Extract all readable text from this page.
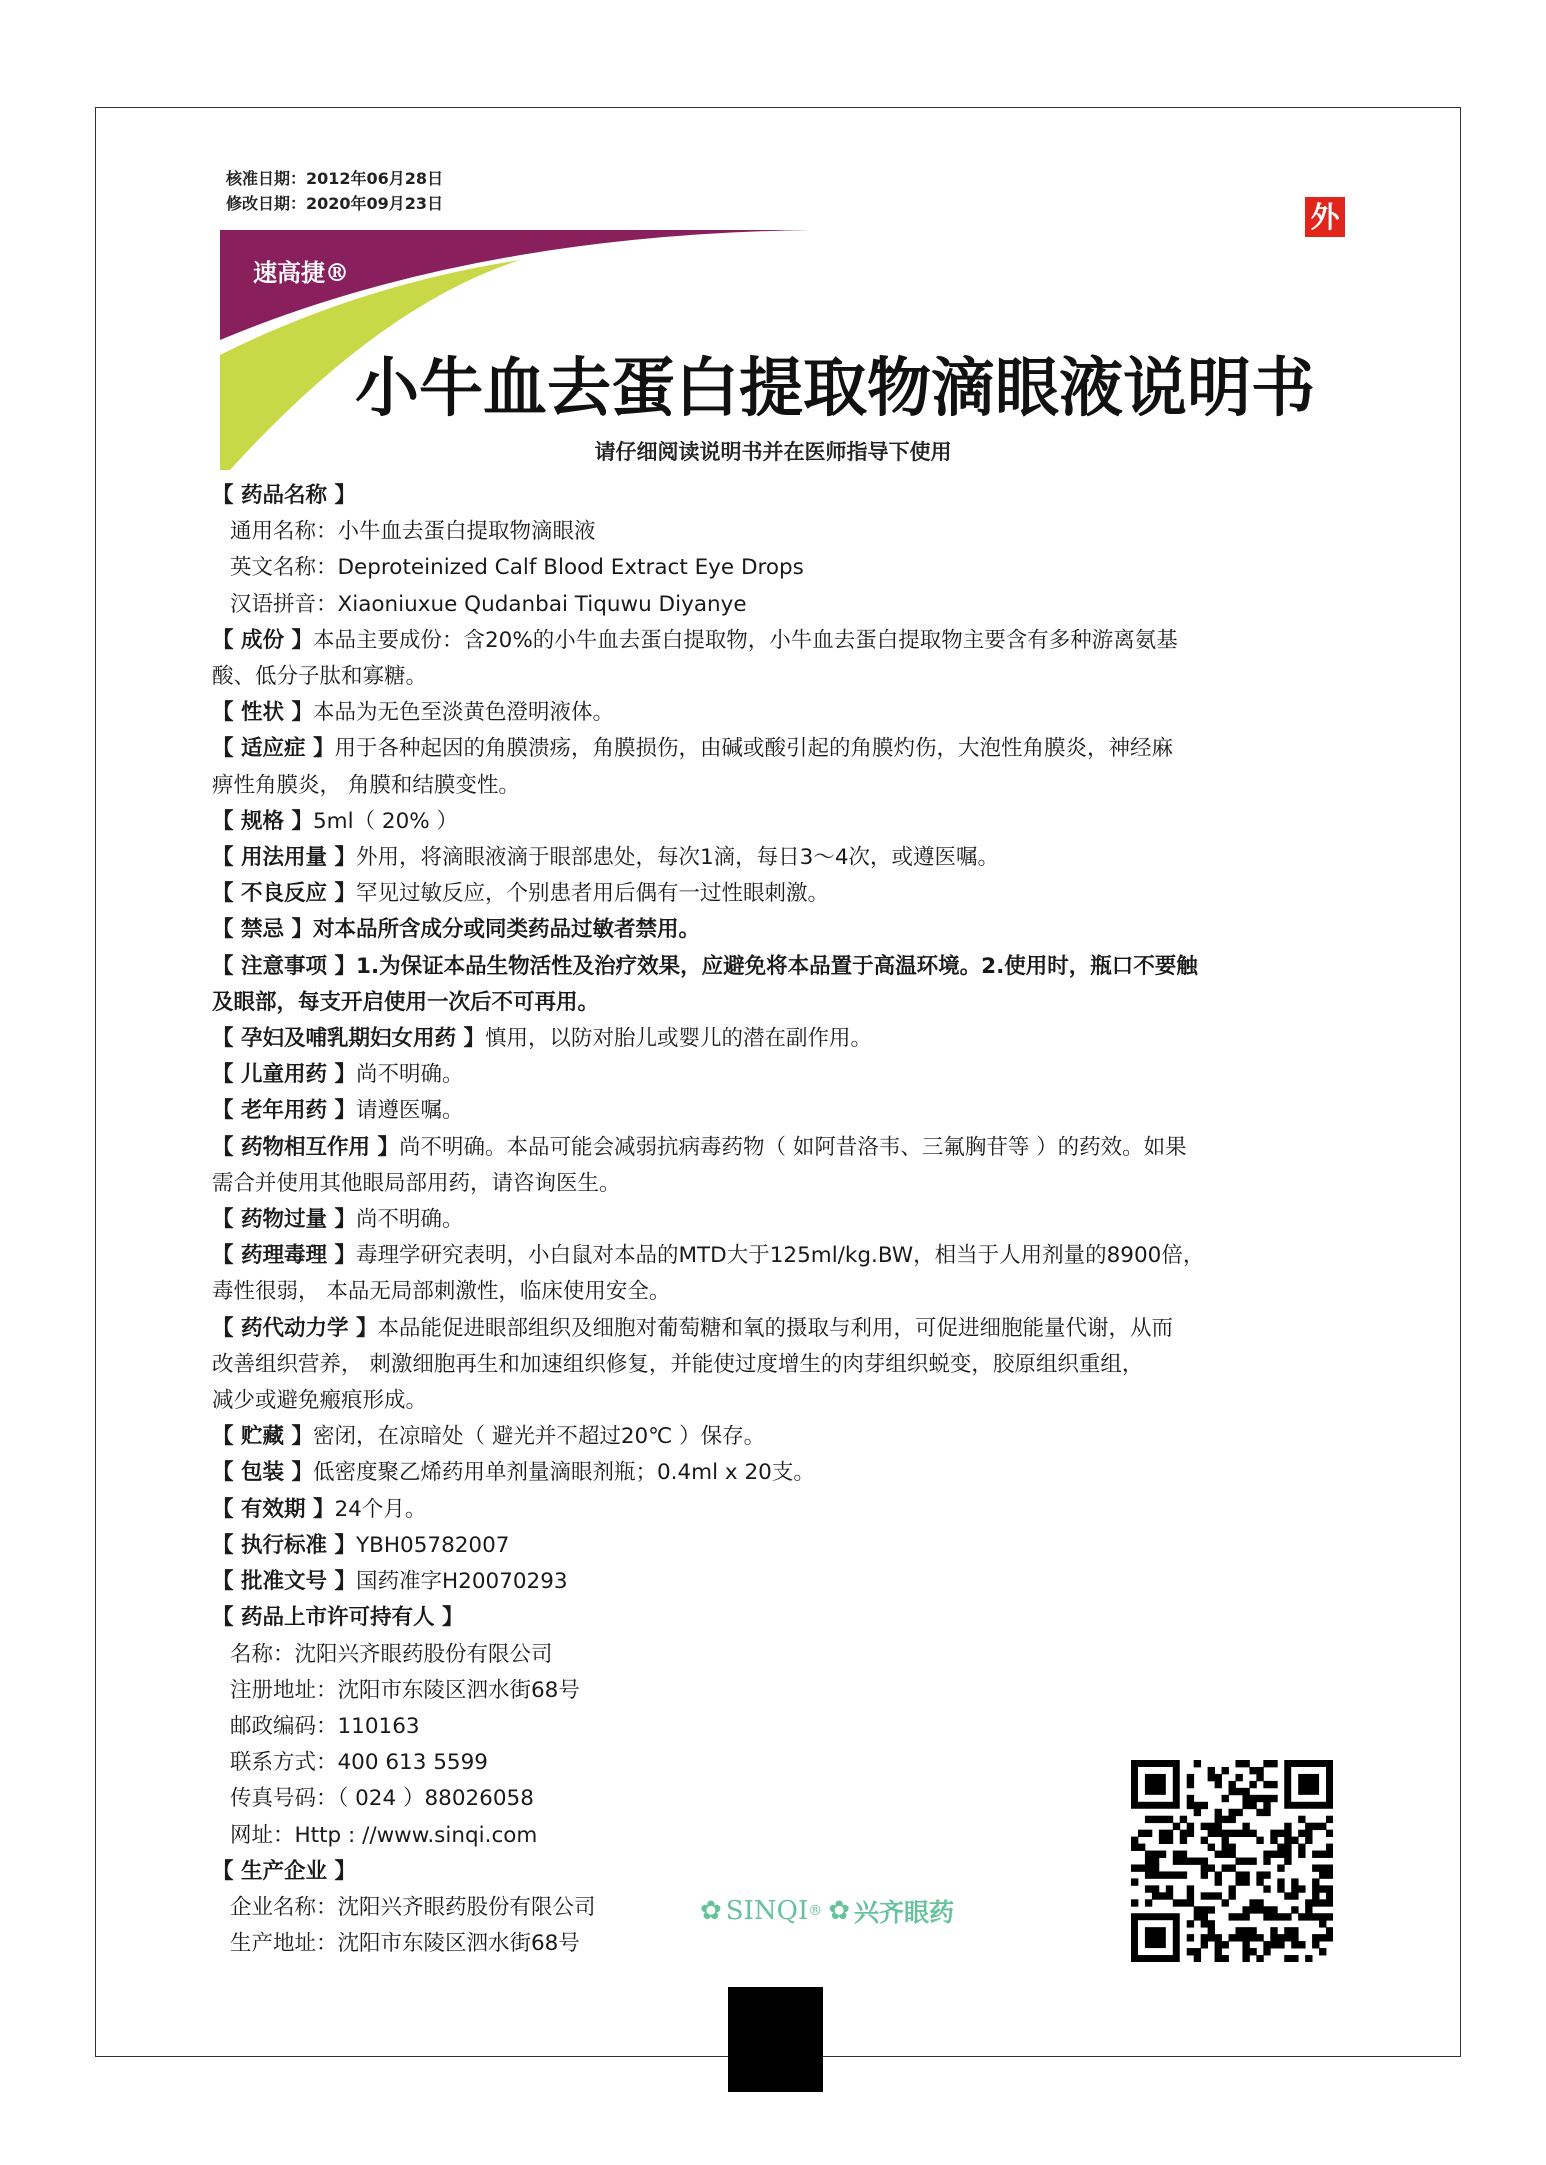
核准日期：2012年06月28日
修改日期：2020年09月23日	外
速高捷®
小牛血去蛋白提取物滴眼液说明书
请仔细阅读说明书并在医师指导下使用

【 药品名称 】

通用名称：小牛血去蛋白提取物滴眼液

英文名称：Deproteinized Calf Blood Extract Eye Drops

汉语拼音：Xiaoniuxue Qudanbai Tiquwu Diyanye

【 成份 】本品主要成份：含20%的小牛血去蛋白提取物，小牛血去蛋白提取物主要含有多种游离氨基

酸、低分子肽和寡糖。

【 性状 】本品为无色至淡黄色澄明液体。

【 适应症 】用于各种起因的角膜溃疡，角膜损伤，由碱或酸引起的角膜灼伤，大泡性角膜炎，神经麻

痹性角膜炎， 角膜和结膜变性。

【 规格 】5ml（ 20% ）

【 用法用量 】外用，将滴眼液滴于眼部患处，每次1滴，每日3～4次，或遵医嘱。

【 不良反应 】罕见过敏反应，个别患者用后偶有一过性眼刺激。

【 禁忌 】对本品所含成分或同类药品过敏者禁用。

【 注意事项 】1.为保证本品生物活性及治疗效果，应避免将本品置于高温环境。2.使用时，瓶口不要触

及眼部，每支开启使用一次后不可再用。

【 孕妇及哺乳期妇女用药 】慎用，以防对胎儿或婴儿的潜在副作用。

【 儿童用药 】尚不明确。

【 老年用药 】请遵医嘱。

【 药物相互作用 】尚不明确。本品可能会减弱抗病毒药物（ 如阿昔洛韦、三氟胸苷等 ）的药效。如果

需合并使用其他眼局部用药，请咨询医生。

【 药物过量 】尚不明确。

【 药理毒理 】毒理学研究表明，小白鼠对本品的MTD大于125ml/kg.BW，相当于人用剂量的8900倍，

毒性很弱， 本品无局部刺激性，临床使用安全。

【 药代动力学 】本品能促进眼部组织及细胞对葡萄糖和氧的摄取与利用，可促进细胞能量代谢，从而

改善组织营养， 刺激细胞再生和加速组织修复，并能使过度增生的肉芽组织蜕变，胶原组织重组，

减少或避免瘢痕形成。

【 贮藏 】密闭，在凉暗处（ 避光并不超过20℃ ）保存。

【 包装 】低密度聚乙烯药用单剂量滴眼剂瓶；0.4ml x 20支。

【 有效期 】24个月。

【 执行标准 】YBH05782007

【 批准文号 】国药准字H20070293

【 药品上市许可持有人 】

名称：沈阳兴齐眼药股份有限公司

注册地址：沈阳市东陵区泗水街68号

邮政编码：110163

联系方式：400 613 5599

传真号码：（ 024 ）88026058

网址：Http : //www.sinqi.com

【 生产企业 】

企业名称：沈阳兴齐眼药股份有限公司

生产地址：沈阳市东陵区泗水街68号

✿ SINQI ® ✿ 兴齐眼药
